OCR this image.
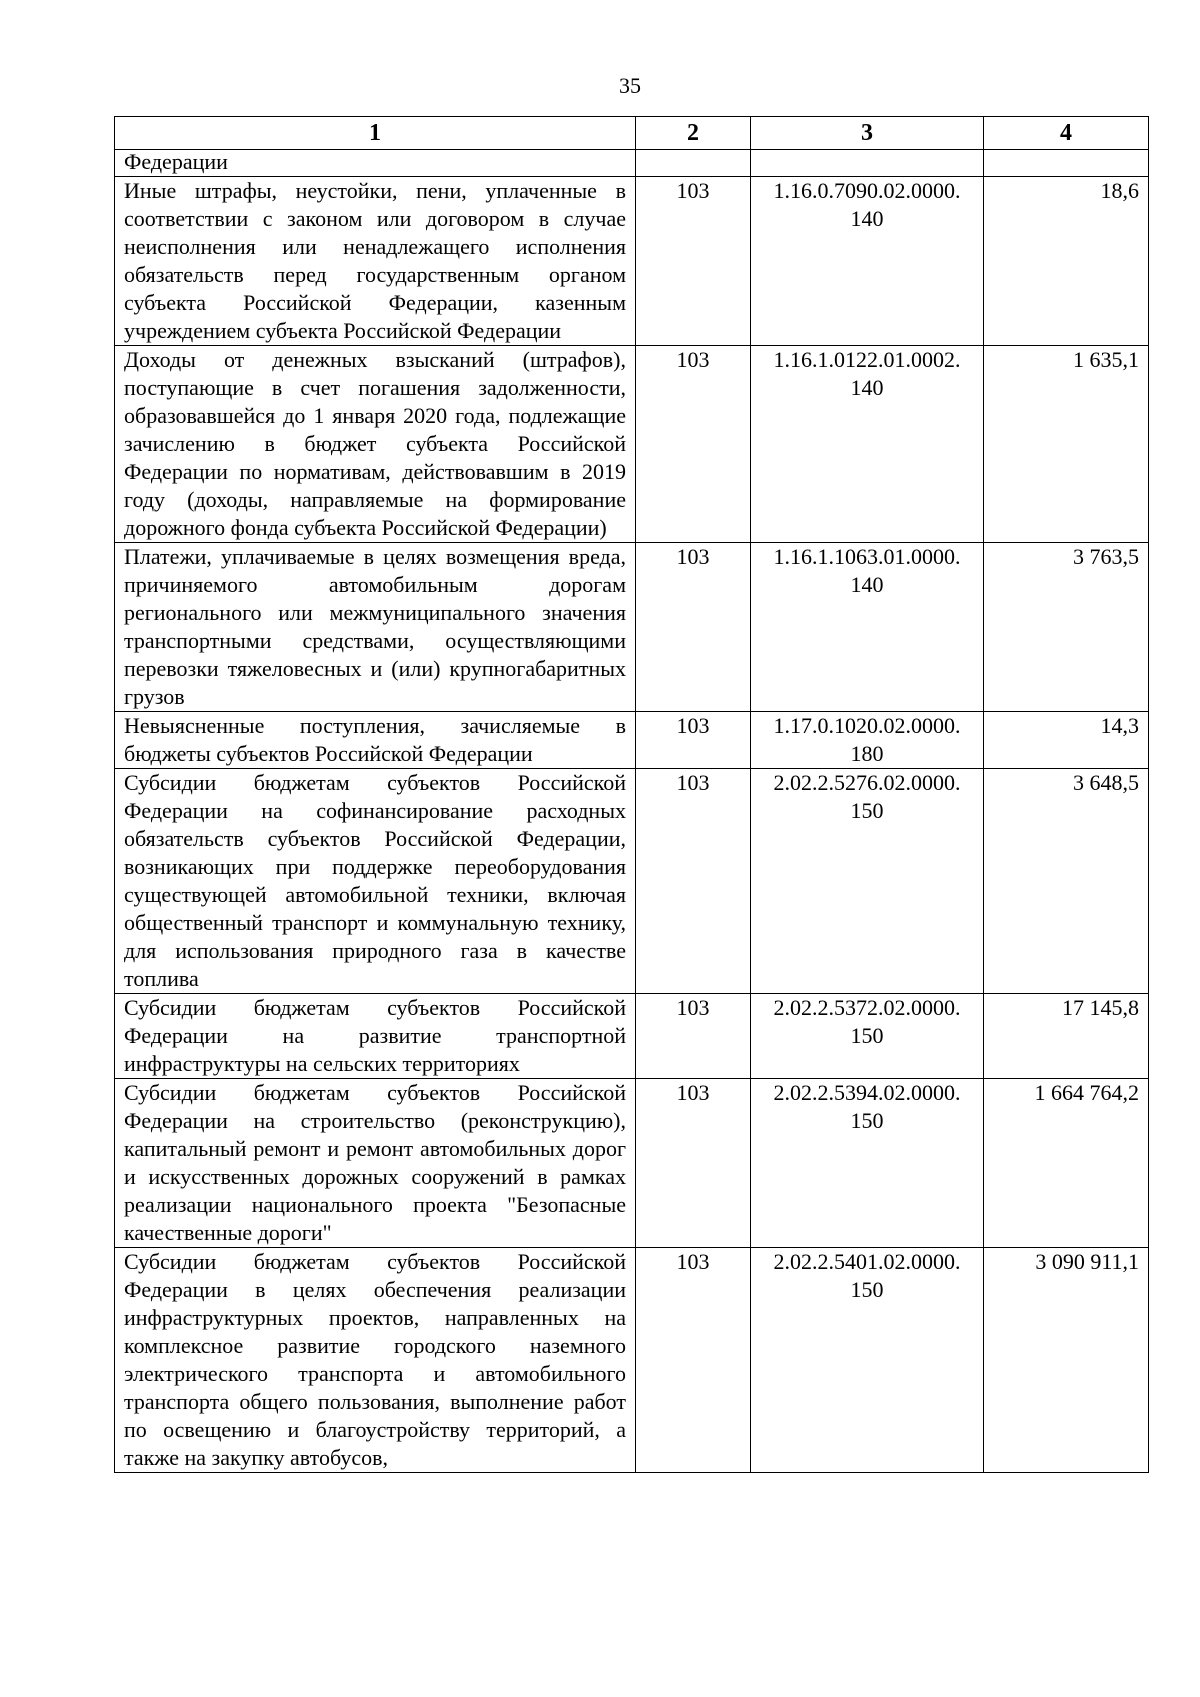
35
1	2	3	4
Федерации			
Иные штрафы, неустойки, пени, уплаченные в соответствии с законом или договором в случае неисполнения или ненадлежащего исполнения обязательств перед государственным органом субъекта Российской Федерации, казенным учреждением субъекта Российской Федерации	103	1.16.0.7090.02.0000. 140	18,6
Доходы от денежных взысканий (штрафов), поступающие в счет погашения задолженности, образовавшейся до 1 января 2020 года, подлежащие зачислению в бюджет субъекта Российской Федерации по нормативам, действовавшим в 2019 году (доходы, направляемые на формирование дорожного фонда субъекта Российской Федерации)	103	1.16.1.0122.01.0002. 140	1 635,1
Платежи, уплачиваемые в целях возмещения вреда, причиняемого автомобильным дорогам регионального или межмуниципального значения транспортными средствами, осуществляющими перевозки тяжеловесных и (или) крупногабаритных грузов	103	1.16.1.1063.01.0000. 140	3 763,5
Невыясненные поступления, зачисляемые в бюджеты субъектов Российской Федерации	103	1.17.0.1020.02.0000. 180	14,3
Субсидии бюджетам субъектов Российской Федерации на софинансирование расходных обязательств субъектов Российской Федерации, возникающих при поддержке переоборудования существующей автомобильной техники, включая общественный транспорт и коммунальную технику, для использования природного газа в качестве топлива	103	2.02.2.5276.02.0000. 150	3 648,5
Субсидии бюджетам субъектов Российской Федерации на развитие транспортной инфраструктуры на сельских территориях	103	2.02.2.5372.02.0000. 150	17 145,8
Субсидии бюджетам субъектов Российской Федерации на строительство (реконструкцию), капитальный ремонт и ремонт автомобильных дорог и искусственных дорожных сооружений в рамках реализации национального проекта "Безопасные качественные дороги"	103	2.02.2.5394.02.0000. 150	1 664 764,2
Субсидии бюджетам субъектов Российской Федерации в целях обеспечения реализации инфраструктурных проектов, направленных на комплексное развитие городского наземного электрического транспорта и автомобильного транспорта общего пользования, выполнение работ по освещению и благоустройству территорий, а также на закупку автобусов,	103	2.02.2.5401.02.0000. 150	3 090 911,1
